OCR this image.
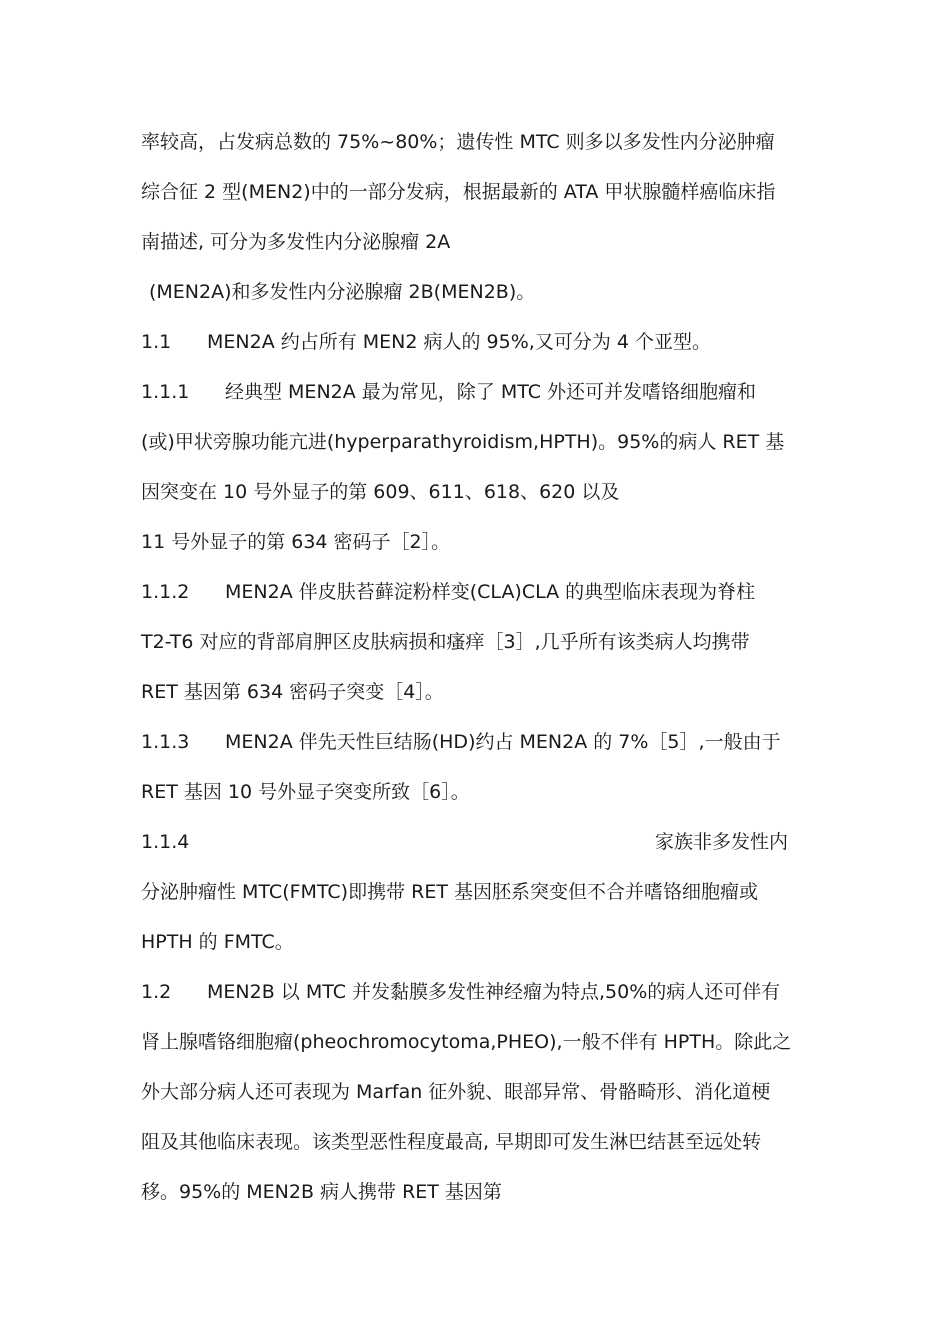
率较高，占发病总数的 75%~80%；遗传性 MTC 则多以多发性内分泌肿瘤
综合征 2 型(MEN2)中的一部分发病，根据最新的 ATA 甲状腺髓样癌临床指
南描述, 可分为多发性内分泌腺瘤 2A
(MEN2A)和多发性内分泌腺瘤 2B(MEN2B)。
1.1 MEN2A 约占所有 MEN2 病人的 95%,又可分为 4 个亚型。
1.1.1 经典型 MEN2A 最为常见，除了 MTC 外还可并发嗜铬细胞瘤和
(或)甲状旁腺功能亢进(hyperparathyroidism,HPTH)。95%的病人 RET 基
因突变在 10 号外显子的第 609、611、618、620 以及
11 号外显子的第 634 密码子［2］。
1.1.2 MEN2A 伴皮肤苔藓淀粉样变(CLA)CLA 的典型临床表现为脊柱
T2-T6 对应的背部肩胛区皮肤病损和瘙痒［3］,几乎所有该类病人均携带
RET 基因第 634 密码子突变［4］。
1.1.3 MEN2A 伴先天性巨结肠(HD)约占 MEN2A 的 7%［5］,一般由于
RET 基因 10 号外显子突变所致［6］。
1.1.4	家族非多发性内
分泌肿瘤性 MTC(FMTC)即携带 RET 基因胚系突变但不合并嗜铬细胞瘤或
HPTH 的 FMTC。
1.2 MEN2B 以 MTC 并发黏膜多发性神经瘤为特点,50%的病人还可伴有
肾上腺嗜铬细胞瘤(pheochromocytoma,PHEO),一般不伴有 HPTH。除此之
外大部分病人还可表现为 Marfan 征外貌、眼部异常、骨骼畸形、消化道梗
阻及其他临床表现。该类型恶性程度最高, 早期即可发生淋巴结甚至远处转
移。95%的 MEN2B 病人携带 RET 基因第
